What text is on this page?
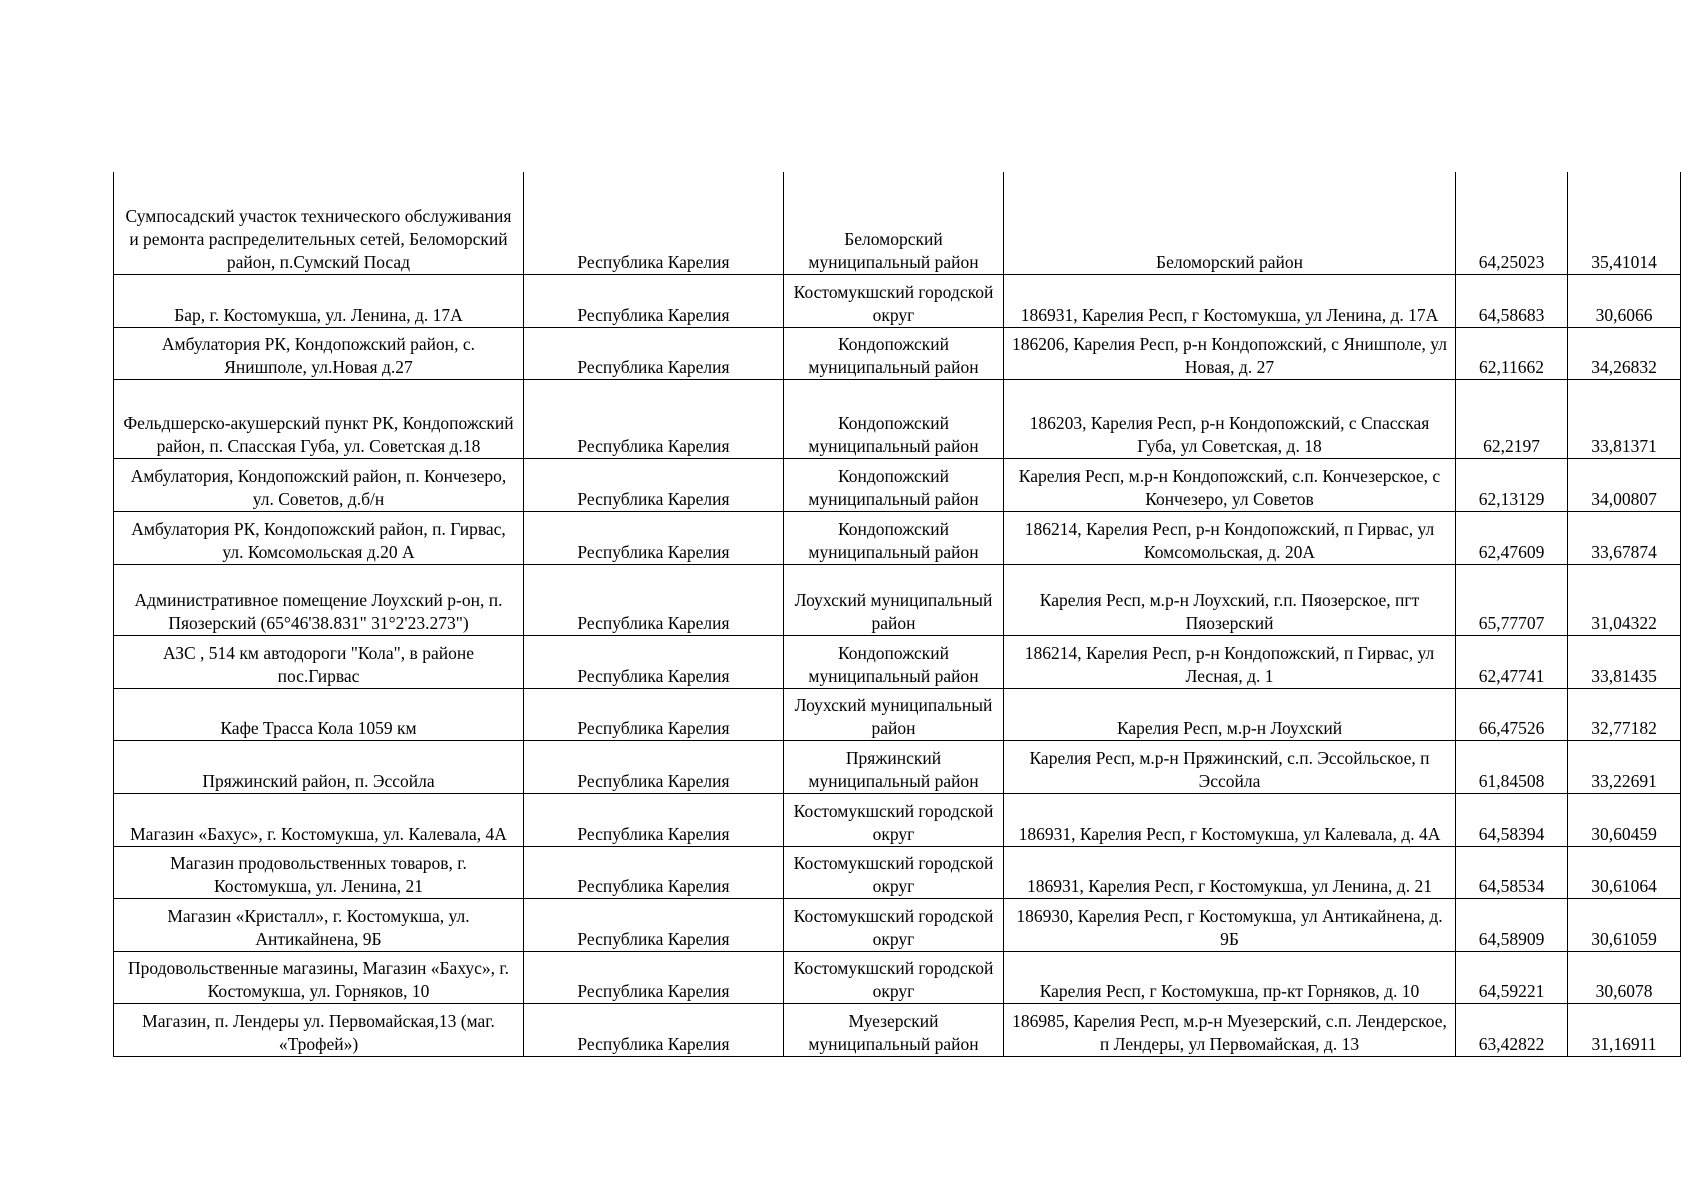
Сумпосадский участок технического обслуживания и ремонта распределительных сетей, Беломорский район, п.Сумский Посад	Республика Карелия	Беломорский муниципальный район	Беломорский район	64,25023	35,41014
Бар, г. Костомукша, ул. Ленина, д. 17А	Республика Карелия	Костомукшский городской округ	186931, Карелия Респ, г Костомукша, ул Ленина, д. 17А	64,58683	30,6066
Амбулатория РК, Кондопожский район, с. Янишполе, ул.Новая д.27	Республика Карелия	Кондопожский муниципальный район	186206, Карелия Респ, р-н Кондопожский, с Янишполе, ул Новая, д. 27	62,11662	34,26832
Фельдшерско-акушерский пункт РК, Кондопожский район, п. Спасская Губа, ул. Советская д.18	Республика Карелия	Кондопожский муниципальный район	186203, Карелия Респ, р-н Кондопожский, с Спасская Губа, ул Советская, д. 18	62,2197	33,81371
Амбулатория, Кондопожский район, п. Кончезеро, ул. Советов, д.б/н	Республика Карелия	Кондопожский муниципальный район	Карелия Респ, м.р-н Кондопожский, с.п. Кончезерское, с Кончезеро, ул Советов	62,13129	34,00807
Амбулатория РК, Кондопожский район, п. Гирвас, ул. Комсомольская д.20 А	Республика Карелия	Кондопожский муниципальный район	186214, Карелия Респ, р-н Кондопожский, п Гирвас, ул Комсомольская, д. 20А	62,47609	33,67874
Административное помещение Лоухский р-он, п. Пяозерский (65°46'38.831" 31°2'23.273")	Республика Карелия	Лоухский муниципальный район	Карелия Респ, м.р-н Лоухский, г.п. Пяозерское, пгт Пяозерский	65,77707	31,04322
АЗС , 514 км автодороги "Кола", в районе пос.Гирвас	Республика Карелия	Кондопожский муниципальный район	186214, Карелия Респ, р-н Кондопожский, п Гирвас, ул Лесная, д. 1	62,47741	33,81435
Кафе Трасса Кола 1059 км	Республика Карелия	Лоухский муниципальный район	Карелия Респ, м.р-н Лоухский	66,47526	32,77182
Пряжинский район, п. Эссойла	Республика Карелия	Пряжинский муниципальный район	Карелия Респ, м.р-н Пряжинский, с.п. Эссойльское, п Эссойла	61,84508	33,22691
Магазин «Бахус», г. Костомукша, ул. Калевала, 4А	Республика Карелия	Костомукшский городской округ	186931, Карелия Респ, г Костомукша, ул Калевала, д. 4А	64,58394	30,60459
Магазин продовольственных товаров, г. Костомукша, ул. Ленина, 21	Республика Карелия	Костомукшский городской округ	186931, Карелия Респ, г Костомукша, ул Ленина, д. 21	64,58534	30,61064
Магазин «Кристалл», г. Костомукша, ул. Антикайнена, 9Б	Республика Карелия	Костомукшский городской округ	186930, Карелия Респ, г Костомукша, ул Антикайнена, д. 9Б	64,58909	30,61059
Продовольственные магазины, Магазин «Бахус», г. Костомукша, ул. Горняков, 10	Республика Карелия	Костомукшский городской округ	Карелия Респ, г Костомукша, пр-кт Горняков, д. 10	64,59221	30,6078
Магазин, п. Лендеры ул. Первомайская,13 (маг. «Трофей»)	Республика Карелия	Муезерский муниципальный район	186985, Карелия Респ, м.р-н Муезерский, с.п. Лендерское, п Лендеры, ул Первомайская, д. 13	63,42822	31,16911
